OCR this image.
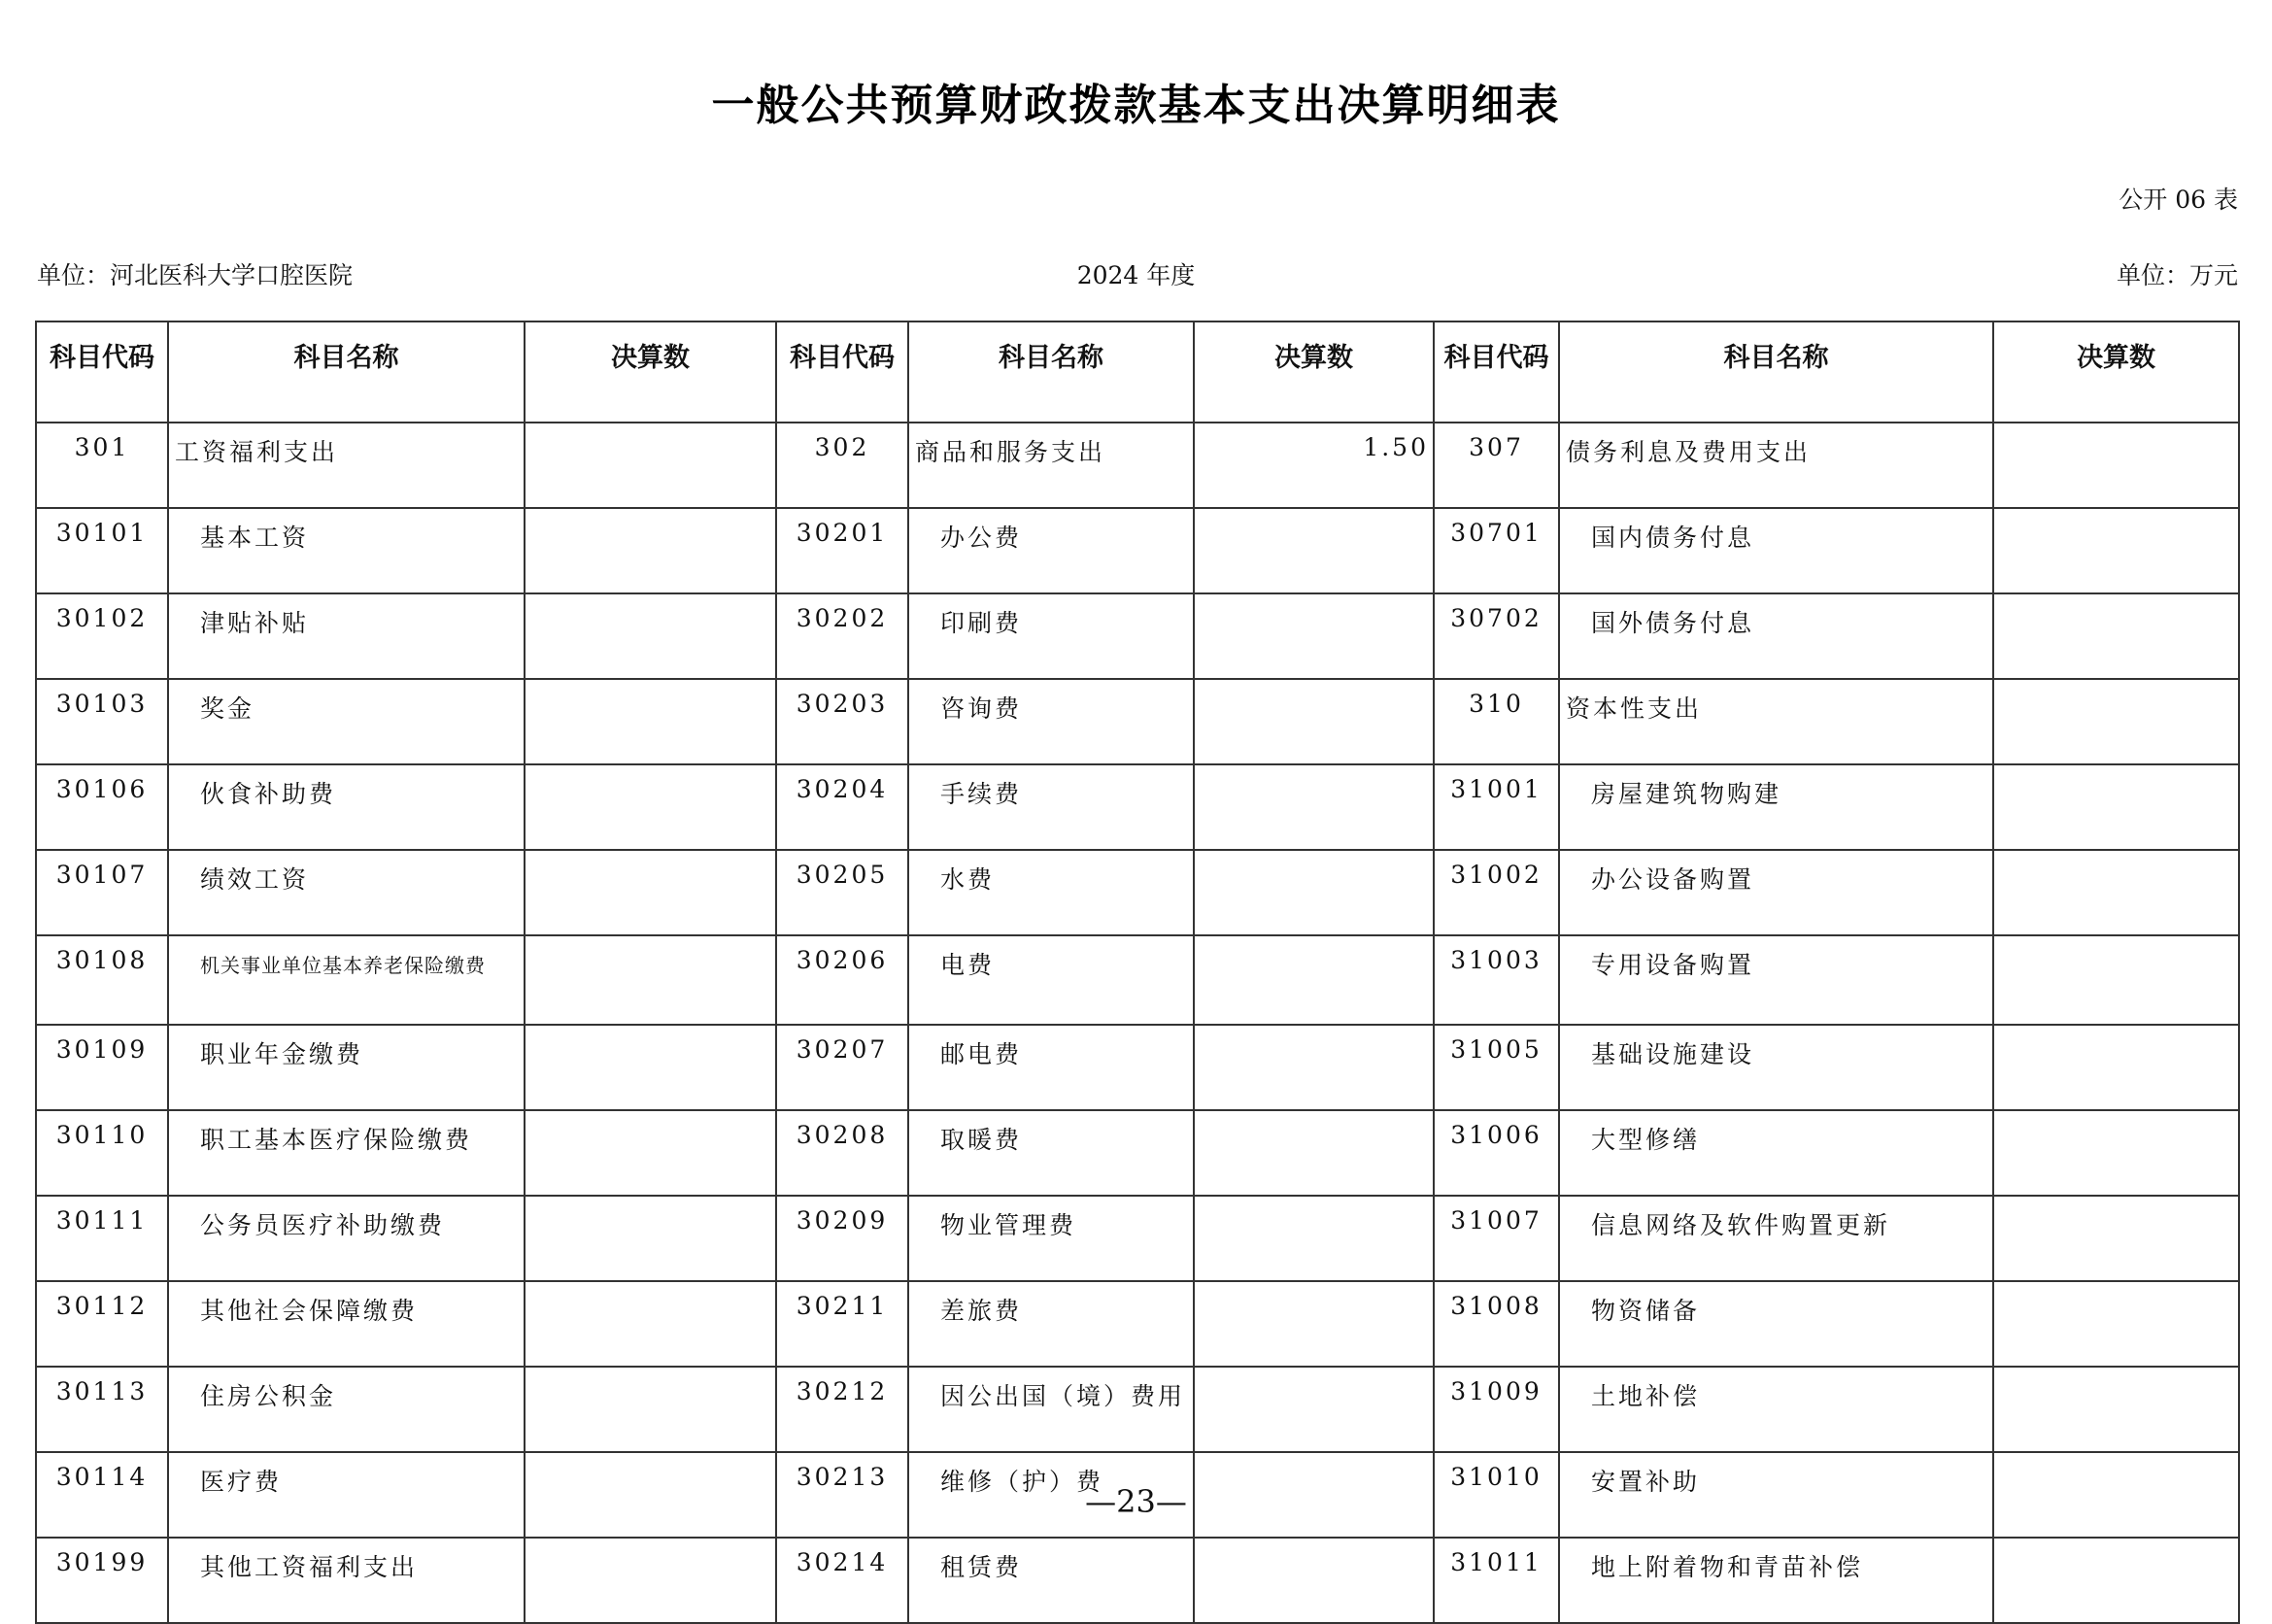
一般公共预算财政拨款基本支出决算明细表
公开 06 表
单位：河北医科大学口腔医院	2024 年度	单位：万元
科目代码	科目名称	决算数	科目代码	科目名称	决算数	科目代码	科目名称	决算数
301	工资福利支出		302	商品和服务支出	1.50	307	债务利息及费用支出	
30101	基本工资		30201	办公费		30701	国内债务付息	
30102	津贴补贴		30202	印刷费		30702	国外债务付息	
30103	奖金		30203	咨询费		310	资本性支出	
30106	伙食补助费		30204	手续费		31001	房屋建筑物购建	
30107	绩效工资		30205	水费		31002	办公设备购置	
30108	机关事业单位基本养老保险缴费		30206	电费		31003	专用设备购置	
30109	职业年金缴费		30207	邮电费		31005	基础设施建设	
30110	职工基本医疗保险缴费		30208	取暖费		31006	大型修缮	
30111	公务员医疗补助缴费		30209	物业管理费		31007	信息网络及软件购置更新	
30112	其他社会保障缴费		30211	差旅费		31008	物资储备	
30113	住房公积金		30212	因公出国（境）费用		31009	土地补偿	
30114	医疗费		30213	维修（护）费		31010	安置补助	
30199	其他工资福利支出		30214	租赁费		31011	地上附着物和青苗补偿	
—23—
